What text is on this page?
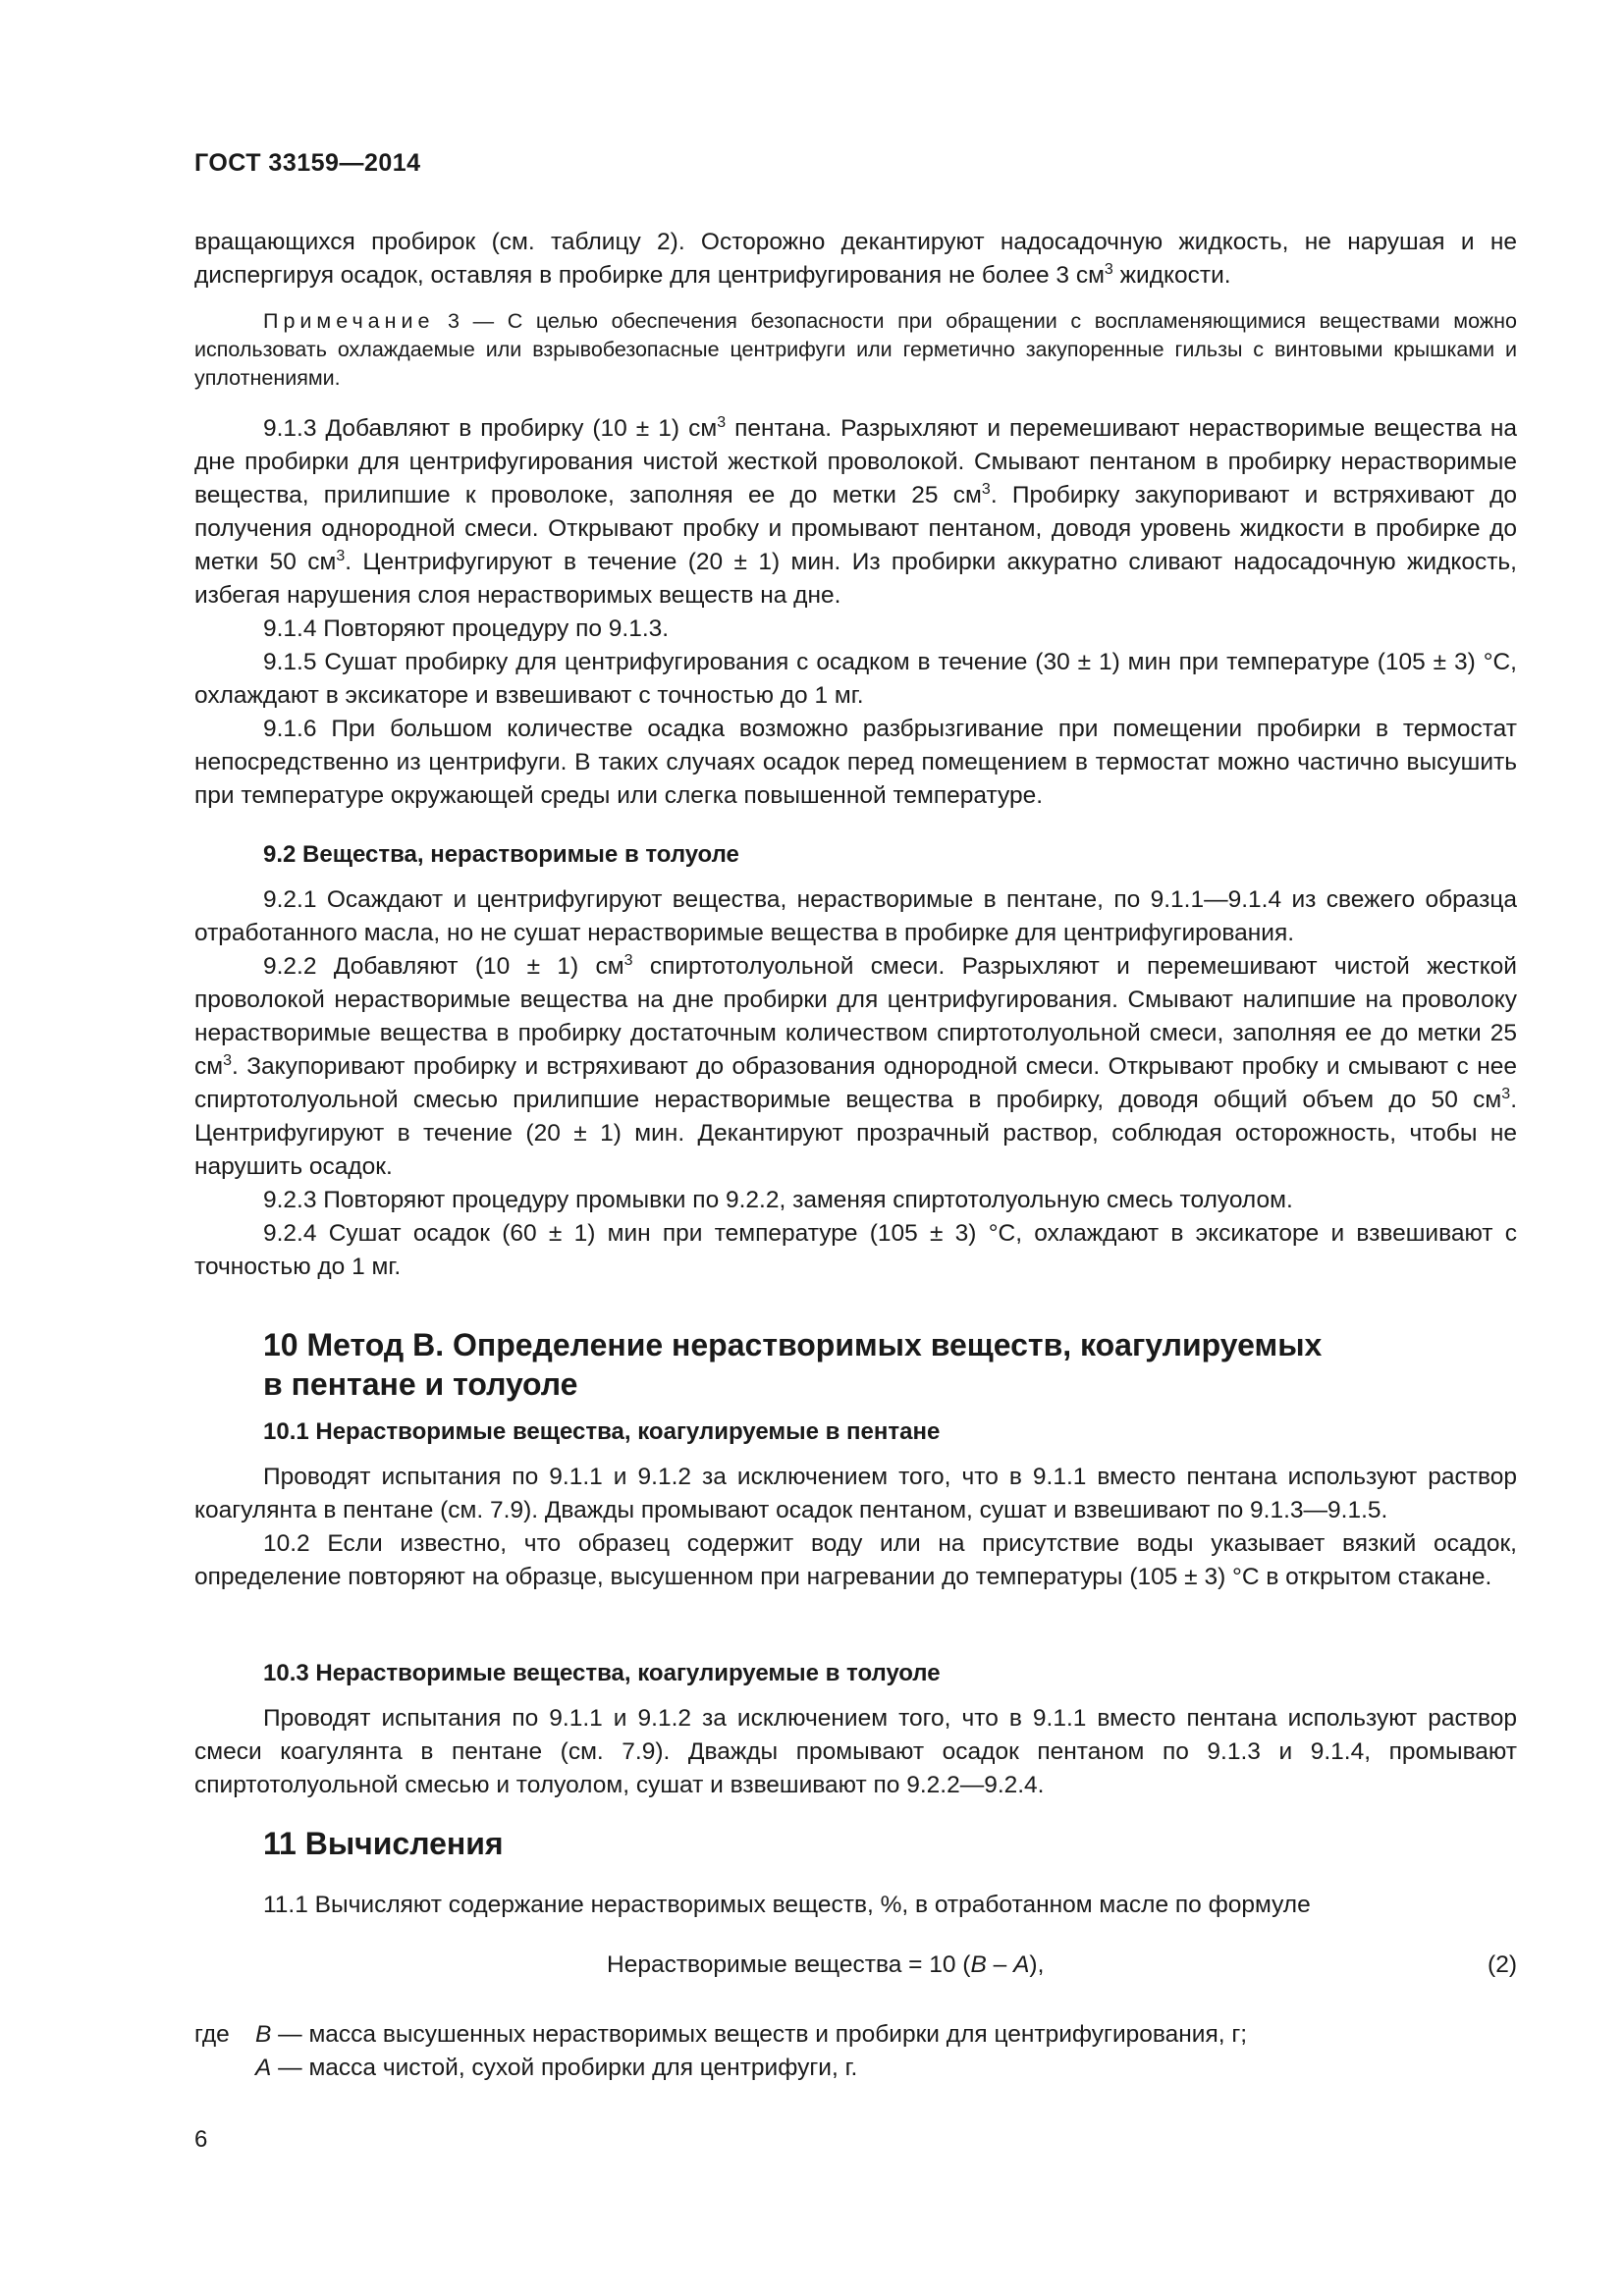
ГОСТ 33159—2014

вращающихся пробирок (см. таблицу 2). Осторожно декантируют надосадочную жидкость, не нарушая и не диспергируя осадок, оставляя в пробирке для центрифугирования не более 3 $см^3$ жидкости.

Примечание 3 — С целью обеспечения безопасности при обращении с воспламеняющимися веществами можно использовать охлаждаемые или взрывобезопасные центрифуги или герметично закупоренные гильзы с винтовыми крышками и уплотнениями.

9.1.3 Добавляют в пробирку (10 ± 1) $см^3$ пентана. Разрыхляют и перемешивают нерастворимые вещества на дне пробирки для центрифугирования чистой жесткой проволокой. Смывают пентаном в пробирку нерастворимые вещества, прилипшие к проволоке, заполняя ее до метки 25 $см^3$. Пробирку закупоривают и встряхивают до получения однородной смеси. Открывают пробку и промывают пентаном, доводя уровень жидкости в пробирке до метки 50 $см^3$. Центрифугируют в течение (20 ± 1) мин. Из пробирки аккуратно сливают надосадочную жидкость, избегая нарушения слоя нерастворимых веществ на дне.

9.1.4 Повторяют процедуру по 9.1.3.

9.1.5 Сушат пробирку для центрифугирования с осадком в течение (30 ± 1) мин при температуре (105 ± 3) °С, охлаждают в эксикаторе и взвешивают с точностью до 1 мг.

9.1.6 При большом количестве осадка возможно разбрызгивание при помещении пробирки в термостат непосредственно из центрифуги. В таких случаях осадок перед помещением в термостат можно частично высушить при температуре окружающей среды или слегка повышенной температуре.

9.2 Вещества, нерастворимые в толуоле

9.2.1 Осаждают и центрифугируют вещества, нерастворимые в пентане, по 9.1.1—9.1.4 из свежего образца отработанного масла, но не сушат нерастворимые вещества в пробирке для центрифугирования.

9.2.2 Добавляют (10 ± 1) $см^3$ спиртотолуольной смеси. Разрыхляют и перемешивают чистой жесткой проволокой нерастворимые вещества на дне пробирки для центрифугирования. Смывают налипшие на проволоку нерастворимые вещества в пробирку достаточным количеством спиртотолуольной смеси, заполняя ее до метки 25 $см^3$. Закупоривают пробирку и встряхивают до образования однородной смеси. Открывают пробку и смывают с нее спиртотолуольной смесью прилипшие нерастворимые вещества в пробирку, доводя общий объем до 50 $см^3$. Центрифугируют в течение (20 ± 1) мин. Декантируют прозрачный раствор, соблюдая осторожность, чтобы не нарушить осадок.

9.2.3 Повторяют процедуру промывки по 9.2.2, заменяя спиртотолуольную смесь толуолом.

9.2.4 Сушат осадок (60 ± 1) мин при температуре (105 ± 3) °С, охлаждают в эксикаторе и взвешивают с точностью до 1 мг.

10 Метод В. Определение нерастворимых веществ, коагулируемых
в пентане и толуоле

10.1 Нерастворимые вещества, коагулируемые в пентане

Проводят испытания по 9.1.1 и 9.1.2 за исключением того, что в 9.1.1 вместо пентана используют раствор коагулянта в пентане (см. 7.9). Дважды промывают осадок пентаном, сушат и взвешивают по 9.1.3—9.1.5.

10.2 Если известно, что образец содержит воду или на присутствие воды указывает вязкий осадок, определение повторяют на образце, высушенном при нагревании до температуры (105 ± 3) °С в открытом стакане.

10.3 Нерастворимые вещества, коагулируемые в толуоле

Проводят испытания по 9.1.1 и 9.1.2 за исключением того, что в 9.1.1 вместо пентана используют раствор смеси коагулянта в пентане (см. 7.9). Дважды промывают осадок пентаном по 9.1.3 и 9.1.4, промывают спиртотолуольной смесью и толуолом, сушат и взвешивают по 9.2.2—9.2.4.

11 Вычисления

11.1 Вычисляют содержание нерастворимых веществ, %, в отработанном масле по формуле

Нерастворимые вещества = 10 (В – А),	(2)
где В — масса высушенных нерастворимых веществ и пробирки для центрифугирования, г;
А — масса чистой, сухой пробирки для центрифуги, г.
6
